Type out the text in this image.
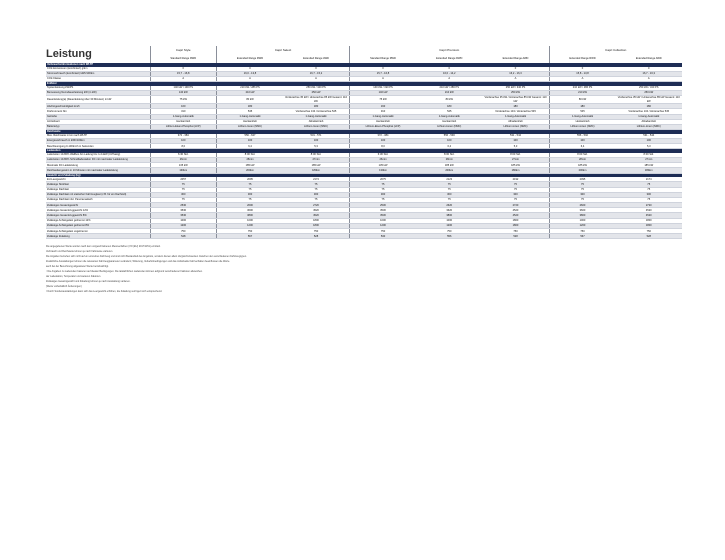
	Capri Style	Capri Select		Capri Premium			Capri Collection	
	Standard Range RWD	Extended Range RWD	Extended Range AWD	Standard Range RWD	Extended Range RWD	Extended Range AWD	Extended Range RWD	Extended Range AWD
Verbrauchsinformationen nach WLTP								
CO2-Emissionen (kombiniert) g/km	0	0	0	0	0	0	0	0
Stromverbrauch (kombiniert) kWh/100km	15,7 - 16,8	16,0 - 13,8	16,7 - 15,2	15,7 - 16,8	16,0 - 14,2	16,2 - 16,3	15,8 - 13,8	16,7 - 16,3
CO2-Klasse	A	A	A	A	A	A	A	A
E-Motor								
Systemleistung kW/PS	140 kW / 190 PS	210 kW / 286 PS	250 kW / 340 PS	140 kW / 190 PS	210 kW / 286 PS	250 kW / 340 PS	210 kW / 286 PS	250 kW / 340 PS
Bemessung Nenndauerleistung kW (in kW)	140 kW	210 kW	250 kW	140 kW	210 kW	250 kW	210 kW	250 kW
Dauerleistung(a) (Dauerleistung über 30 Minuten) in kW	75 kW	80 kW	Vorderachse 35 kW / Hinterachse 85 kW Gesamt: 110 kW	75 kW	80 kW	Vorderachse 35 kW / Hinterachse 85 kW Gesamt: 110 kW	80 kW	Vorderachse 35 kW / Hinterachse 85 kW Gesamt: 110 kW
Höchstgeschwindigkeit km/h	160	180	180	160	180	180	180	180
Drehmoment Nm	310	545	Vorderachse 134 / Hinterachse 545	310	545	Vorderachse 134 / Hinterachse 545	545	Vorderachse 134 / Hinterachse 545
Getriebe	1-Gang-Automatik	1-Gang-Automatik	1-Gang-Automatik	1-Gang-Automatik	1-Gang-Automatik	1-Gang-Automatik	1-Gang-Automatik	1-Gang-Automatik
Antriebsart	Heckantrieb	Heckantrieb	Allradantrieb	Heckantrieb	Heckantrieb	Allradantrieb	Heckantrieb	Allradantrieb
Batterietyp	Lithium-Eisen-Phosphat (LFP)	Lithium-Ionen (NMC)	Lithium-Ionen (NMC)	Lithium-Eisen-Phosphat (LFP)	Lithium-Ionen (NMC)	Lithium-Ionen (NMC)	Lithium-Ionen (NMC)	Lithium-Ionen (NMC)
Reichweite								
Max. Reichweite in km nach WLTP	372 - 384	556 - 627	531 - 571	372 - 384	556 - 593	531 - 544	556 - 592	531 - 544
Energieverbrauch in kWh/100km	100	100	100	100	100	100	100	100
Beschleunigung 0-100km/h in Sekunden	8,0	6,4	5,3	8,0	6,4	5,3	6,4	5,3
Ladezeiten								
Ladezeiten 10-80% Wallbox AC-Ladung bis zu 11kW (3-Phasig)	6:30 Std.	8:00 Std.	8:00 Std.	6:30 Std.	8:00 Std.	8:00 Std.	8:00 Std.	8:00 Std.
Ladezeiten 10-80% Schnellladestation DC mit maximaler Ladeleistung	26min	28min	27min	26min	28min	27min	28min	27min
Maximale DC Ladeleistung	135 kW	185 kW	185 kW	135 kW	185 kW	185 kW	185 kW	185 kW
Reichweitengewinn in 10 Minuten mit maximaler Ladeleistung	130km	200km	180km	130km	200km	180km	200km	180km
Gewicht und Zuladung (kg)								
EU-Leergewicht	2057	2095	2174	2075	2123	2192	2095	2174
Zulässige Stützlast	75	75	75	75	75	75	75	75
Zulässige Dachlast	75	75	75	75	75	75	75	75
Zulässige Dachlast mit statischer Fahrzeuglast (z.B. für ein Dachzelt)	300	300	300	300	300	300	300	300
Zulässige Dachlast inkl. Panoramadach	75	75	75	75	75	75	75	75
Zulässiges Gesamtgewicht	2530	2600	2720	2530	2620	2720	2600	2720
Zulässiges Gesamtzuggewicht 12%	3530	3600	4520	3530	3620	4520	3600	4520
Zulässiges Gesamtzuggewicht 8%	3530	3800	4520	3530	3800	4520	3800	4520
Zulässige Anhängelast gebremst 12%	1000	1000	1800	1000	1000	1800	1000	1800
Zulässige Anhängelast gebremst 8%	1200	1200	1800	1200	1200	1800	1200	1800
Zulässige Anhängelast ungebremst	750	750	750	750	750	750	750	750
Zulässige Zuladung	548	567	528	530	556	528	567	528
Leistung
Die angegebenen Werte wurden nach dem vorgeschriebenen Messverfahren (VO (EU) 2017/1151) ermittelt.
Verbrauch und Reichweite können je nach Fahrweise variieren.
Die Angaben beziehen sich nicht auf ein einzelnes Fahrzeug und sind nicht Bestandteil des Angebots, sondern dienen allein Vergleichszwecken zwischen den verschiedenen Fahrzeugtypen.
Zusätzliche Ausstattungen können die relevanten Fahrzeugparameter verändern; Witterung, Verkehrsbedingungen und das individuelle Fahrverhalten beeinflussen die Werte.
auch bei der Berechnung abgeleiteter Werte berücksichtigt.
¹ Die Angaben zu Ladezeiten basieren auf idealen Bedingungen. Die tatsächlichen Ladezeiten können aufgrund verschiedener Faktoren abweichen.
der Ladestation, Temperatur und weiteren Faktoren.
Zulässiges Gesamtgewicht und Zuladung können je nach Ausstattung variieren.
(Werte vorbehaltlich Änderungen)
² Durch Sonderausstattungen kann sich das Leergewicht erhöhen, die Zuladung verringert sich entsprechend.
